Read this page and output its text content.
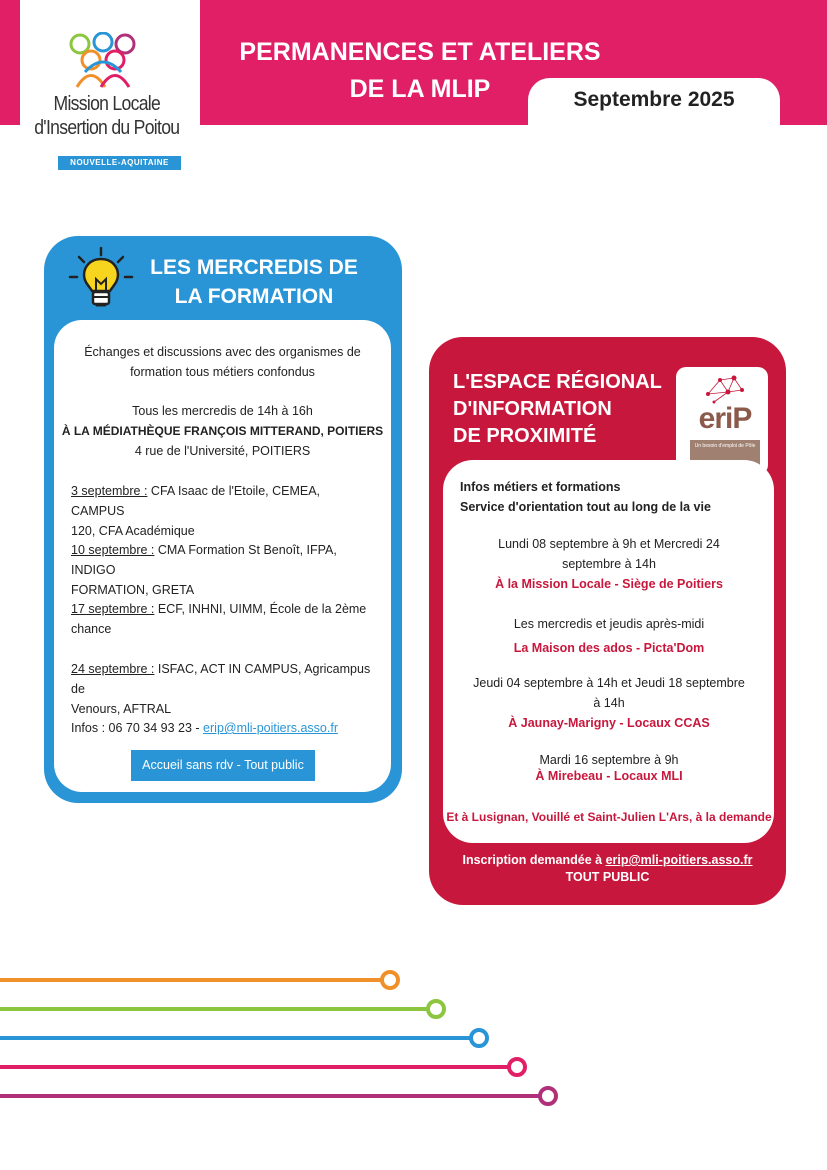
Mission Locale
d'Insertion du Poitou
NOUVELLE-AQUITAINE
PERMANENCES ET ATELIERS
DE LA MLIP	Septembre 2025
LES MERCREDIS DE
LA FORMATION
Échanges et discussions avec des organismes de
formation tous métiers confondus
Tous les mercredis de 14h à 16h
À LA MÉDIATHÈQUE FRANÇOIS MITTERAND, POITIERS
4 rue de l'Université, POITIERS
3 septembre : CFA Isaac de l'Etoile, CEMEA, CAMPUS
120, CFA Académique
10 septembre : CMA Formation St Benoît, IFPA, INDIGO
FORMATION, GRETA
17 septembre : ECF, INHNI, UIMM, École de la 2ème
chance
24 septembre : ISFAC, ACT IN CAMPUS, Agricampus de
Venours, AFTRAL
Infos : 06 70 34 93 23 - erip@mli-poitiers.asso.fr
Accueil sans rdv - Tout public
L'ESPACE RÉGIONAL
D'INFORMATION
DE PROXIMITÉ
eriP
Un besoin d'emploi de Pôle
Infos métiers et formations
Service d'orientation tout au long de la vie
Lundi 08 septembre à 9h et Mercredi 24
septembre à 14h
À la Mission Locale - Siège de Poitiers
Les mercredis et jeudis après-midi
La Maison des ados - Picta'Dom
Jeudi 04 septembre à 14h et Jeudi 18 septembre
à 14h
À Jaunay-Marigny - Locaux CCAS
Mardi 16 septembre à 9h
À Mirebeau - Locaux MLI
Et à Lusignan, Vouillé et Saint-Julien L'Ars, à la demande
Inscription demandée à erip@mli-poitiers.asso.fr
TOUT PUBLIC
